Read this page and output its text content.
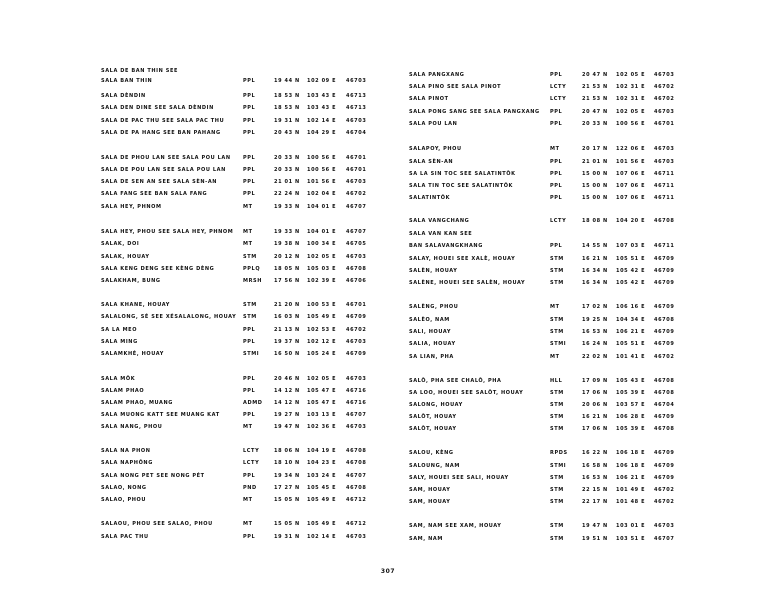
SALA DE BAN THIN SEE
SALA BAN THIN	PPL	19 44 N 102 09 E 46703
SALA DÈNDIN	PPL	18 53 N 103 43 E 46713
SALA DEN DINE SEE SALA DÈNDIN	PPL	18 53 N 103 43 E 46713
SALA DE PAC THU SEE SALA PAC THU	PPL	19 31 N 102 14 E 46703
SALA DE PA HANG SEE BAN PAHANG	PPL	20 43 N 104 29 E 46704
SALA DE PHOU LAN SEE SALA POU LAN PPL	20 33 N 100 56 E 46701
SALA DE POU LAN SEE SALA POU LAN	PPL	20 33 N 100 56 E 46701
SALA DE SEN AN SEE SALA SÈN-AN	PPL	21 01 N 101 56 E 46703
SALA FANG SEE BAN SALA FANG	PPL	22 24 N 102 04 E 46702
SALA HEY, PHNOM	MT	19 33 N 104 01 E 46707
SALA HEY, PHOU SEE SALA HEY, PHNOM MT	19 33 N 104 01 E 46707
SALAK, DOI	MT	19 38 N 100 34 E 46705
SALAK, HOUAY	STM	20 12 N 102 05 E 46703
SALA KENG DENG SEE KÈNG DÈNG	PPLQ	18 05 N 105 03 E 46708
SALAKHAM, BUNG	MRSH 17 56 N 102 39 E 46706
SALA KHANE, HOUAY	STM	21 20 N 100 53 E 46701
SALALONG, SÉ SEE XÉSALALONG, HOUAY STM	16 03 N 105 49 E 46709
SA LA MEO	PPL	21 13 N 102 53 E 46702
SALA MING	PPL	19 37 N 102 12 E 46703
SALAMKHÉ, HOUAY	STMI	16 50 N 105 24 E 46709
SALA MÔK	PPL	20 46 N 102 05 E 46703
SALAM PHAO	PPL	14 12 N 105 47 E 46716
SALAM PHAO, MUANG	ADMD 14 12 N 105 47 E 46716
SALA MUONG KATT SEE MUANG KAT	PPL	19 27 N 103 13 E 46707
SALA NANG, PHOU	MT	19 47 N 102 36 E 46703
SALA NA PHON	LCTY	18 06 N 104 19 E 46708
SALA NAPHÔNG	LCTY	18 10 N 104 23 E 46708
SALA NONG PET SEE NONG PÉT	PPL	19 34 N 103 24 E 46707
SALAO, NONG	PND	17 27 N 105 45 E 46708
SALAO, PHOU	MT	15 05 N 105 49 E 46712
SALAOU, PHOU SEE SALAO, PHOU	MT	15 05 N 105 49 E 46712
SALA PAC THU	PPL	19 31 N 102 14 E 46703
SALA PANGXANG	PPL	20 47 N 102 05 E 46703
SALA PINO SEE SALA PINOT	LCTY	21 53 N 102 31 E 46702
SALA PINOT	LCTY	21 53 N 102 31 E 46702
SALA PONG SANG SEE SALA PANGXANG PPL	20 47 N 102 05 E 46703
SALA POU LAN	PPL	20 33 N 100 56 E 46701
SALAPOY, PHOU	MT	20 17 N 122 06 E 46703
SALA SÈN-AN	PPL	21 01 N 101 56 E 46703
SA LA SIN TOC SEE SALATINTÔK	PPL	15 00 N 107 06 E 46711
SALA TIN TOC SEE SALATINTÔK	PPL	15 00 N 107 06 E 46711
SALATINTÔK	PPL	15 00 N 107 06 E 46711
SALA VANGCHANG	LCTY	18 08 N 104 20 E 46708
SALA VAN KAN SEE
BAN SALAVANGKHANG	PPL	14 55 N 107 03 E 46711
SALAY, HOUEI SEE XALÈ, HOUAY	STM	16 21 N 105 51 E 46709
SALÈN, HOUAY	STM	16 34 N 105 42 E 46709
SALÈNE, HOUEI SEE SALÈN, HOUAY	STM	16 34 N 105 42 E 46709
SALÈNG, PHOU	MT	17 02 N 106 16 E 46709
SALÈO, NAM	STM	19 25 N 104 34 E 46708
SALI, HOUAY	STM	16 53 N 106 21 E 46709
SALIA, HOUAY	STMI	16 24 N 105 51 E 46709
SA LIAN, PHA	MT	22 02 N 101 41 E 46702
SALÔ, PHA SEE CHALÔ, PHA	HLL	17 09 N 105 43 E 46708
SA LOO, HOUEI SEE SALÔT, HOUAY	STM	17 06 N 105 39 E 46708
SALONG, HOUAY	STM	20 06 N 103 57 E 46704
SALÔT, HOUAY	STM	16 21 N 106 28 E 46709
SALÔT, HOUAY	STM	17 06 N 105 39 E 46708
SALOU, KÈNG	RPDS	16 22 N 106 18 E 46709
SALOUNG, NAM	STMI	16 58 N 106 18 E 46709
SALY, HOUEI SEE SALI, HOUAY	STM	16 53 N 106 21 E 46709
SAM, HOUAY	STM	22 15 N 101 49 E 46702
SAM, HOUAY	STM	22 17 N 101 48 E 46702
SAM, NAM SEE XAM, HOUAY	STM	19 47 N 103 01 E 46703
SAM, NAM	STM	19 51 N 103 51 E 46707
307
